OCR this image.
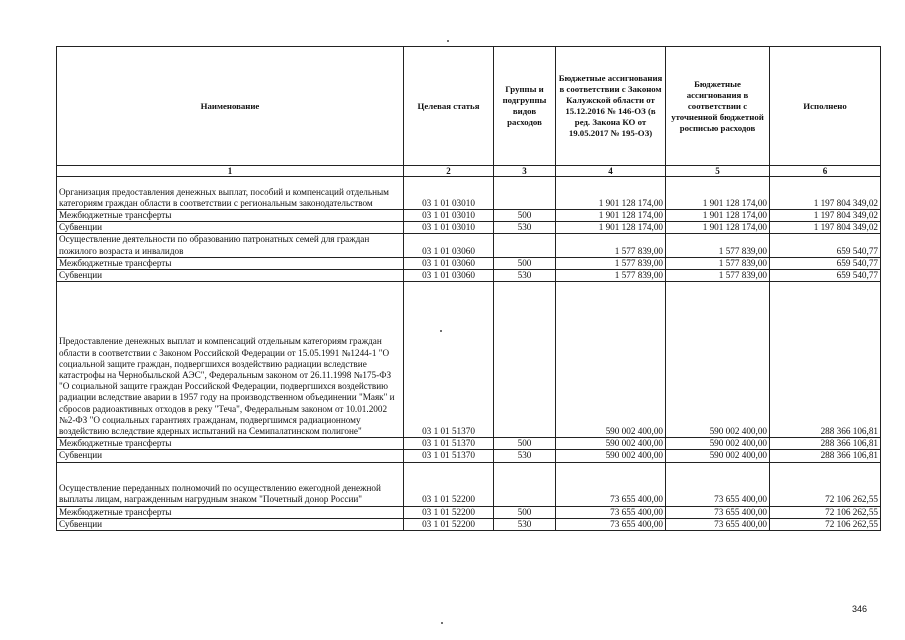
Наименование	Целевая статья	Группы и подгруппы видов расходов	Бюджетные ассигнования в соответствии с Законом Калужской области от 15.12.2016 № 146-ОЗ (в ред. Закона КО от 19.05.2017 № 195-ОЗ)	Бюджетные ассигнования в соответствии с уточненной бюджетной росписью расходов	Исполнено
1	2	3	4	5	6
Организация предоставления денежных выплат, пособий и компенсаций отдельным категориям граждан области в соответствии с региональным законодательством	03 1 01 03010		1 901 128 174,00	1 901 128 174,00	1 197 804 349,02
Межбюджетные трансферты	03 1 01 03010	500	1 901 128 174,00	1 901 128 174,00	1 197 804 349,02
Субвенции	03 1 01 03010	530	1 901 128 174,00	1 901 128 174,00	1 197 804 349,02
Осуществление деятельности по образованию патронатных семей для граждан пожилого возраста и инвалидов	03 1 01 03060		1 577 839,00	1 577 839,00	659 540,77
Межбюджетные трансферты	03 1 01 03060	500	1 577 839,00	1 577 839,00	659 540,77
Субвенции	03 1 01 03060	530	1 577 839,00	1 577 839,00	659 540,77
Предоставление денежных выплат и компенсаций отдельным категориям граждан области в соответствии с Законом Российской Федерации от 15.05.1991 №1244-1 "О социальной защите граждан, подвергшихся воздействию радиации вследствие катастрофы на Чернобыльской АЭС", Федеральным законом от 26.11.1998 №175-ФЗ "О социальной защите граждан Российской Федерации, подвергшихся воздействию радиации вследствие аварии в 1957 году на производственном объединении "Маяк" и сбросов радиоактивных отходов в реку "Теча", Федеральным законом от 10.01.2002 №2-ФЗ "О социальных гарантиях гражданам, подвергшимся радиационному воздействию вследствие ядерных испытаний на Семипалатинском полигоне"	03 1 01 51370		590 002 400,00	590 002 400,00	288 366 106,81
Межбюджетные трансферты	03 1 01 51370	500	590 002 400,00	590 002 400,00	288 366 106,81
Субвенции	03 1 01 51370	530	590 002 400,00	590 002 400,00	288 366 106,81
Осуществление переданных полномочий по осуществлению ежегодной денежной выплаты лицам, награжденным нагрудным знаком "Почетный донор России"	03 1 01 52200		73 655 400,00	73 655 400,00	72 106 262,55
Межбюджетные трансферты	03 1 01 52200	500	73 655 400,00	73 655 400,00	72 106 262,55
Субвенции	03 1 01 52200	530	73 655 400,00	73 655 400,00	72 106 262,55
346
